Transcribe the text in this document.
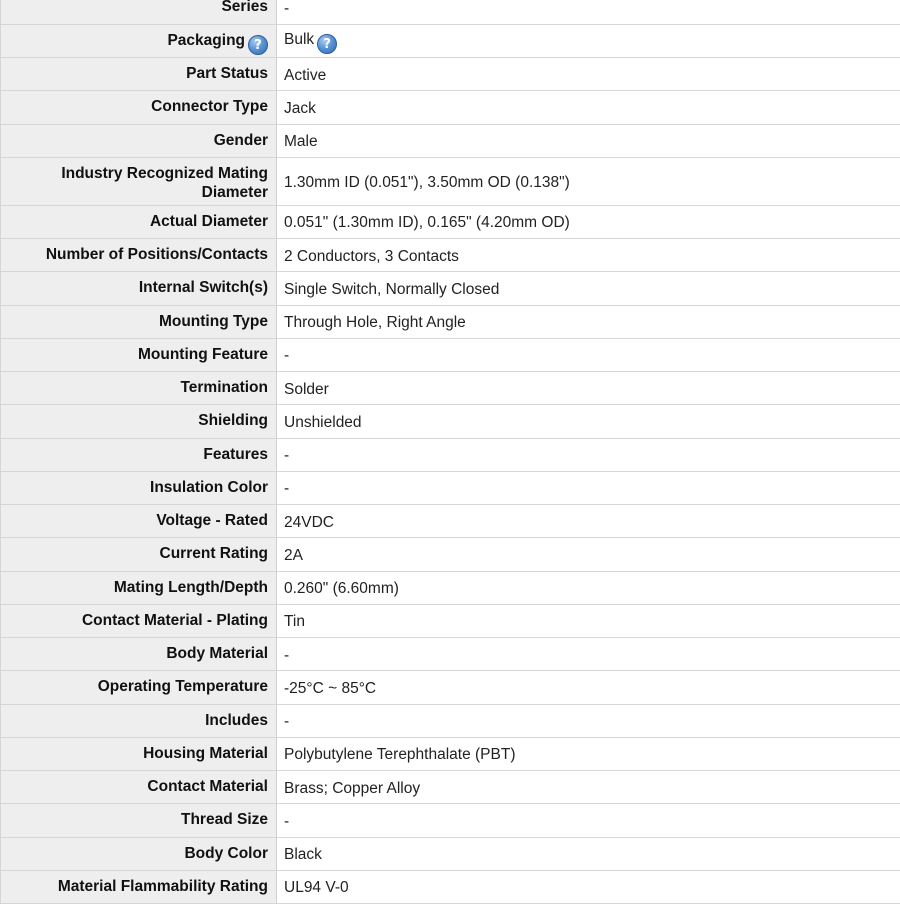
Series	-
Packaging ?	Bulk ?
Part Status	Active
Connector Type	Jack
Gender	Male
Industry Recognized Mating Diameter	1.30mm ID (0.051"), 3.50mm OD (0.138")
Actual Diameter	0.051" (1.30mm ID), 0.165" (4.20mm OD)
Number of Positions/Contacts	2 Conductors, 3 Contacts
Internal Switch(s)	Single Switch, Normally Closed
Mounting Type	Through Hole, Right Angle
Mounting Feature	-
Termination	Solder
Shielding	Unshielded
Features	-
Insulation Color	-
Voltage - Rated	24VDC
Current Rating	2A
Mating Length/Depth	0.260" (6.60mm)
Contact Material - Plating	Tin
Body Material	-
Operating Temperature	-25°C ~ 85°C
Includes	-
Housing Material	Polybutylene Terephthalate (PBT)
Contact Material	Brass; Copper Alloy
Thread Size	-
Body Color	Black
Material Flammability Rating	UL94 V-0
